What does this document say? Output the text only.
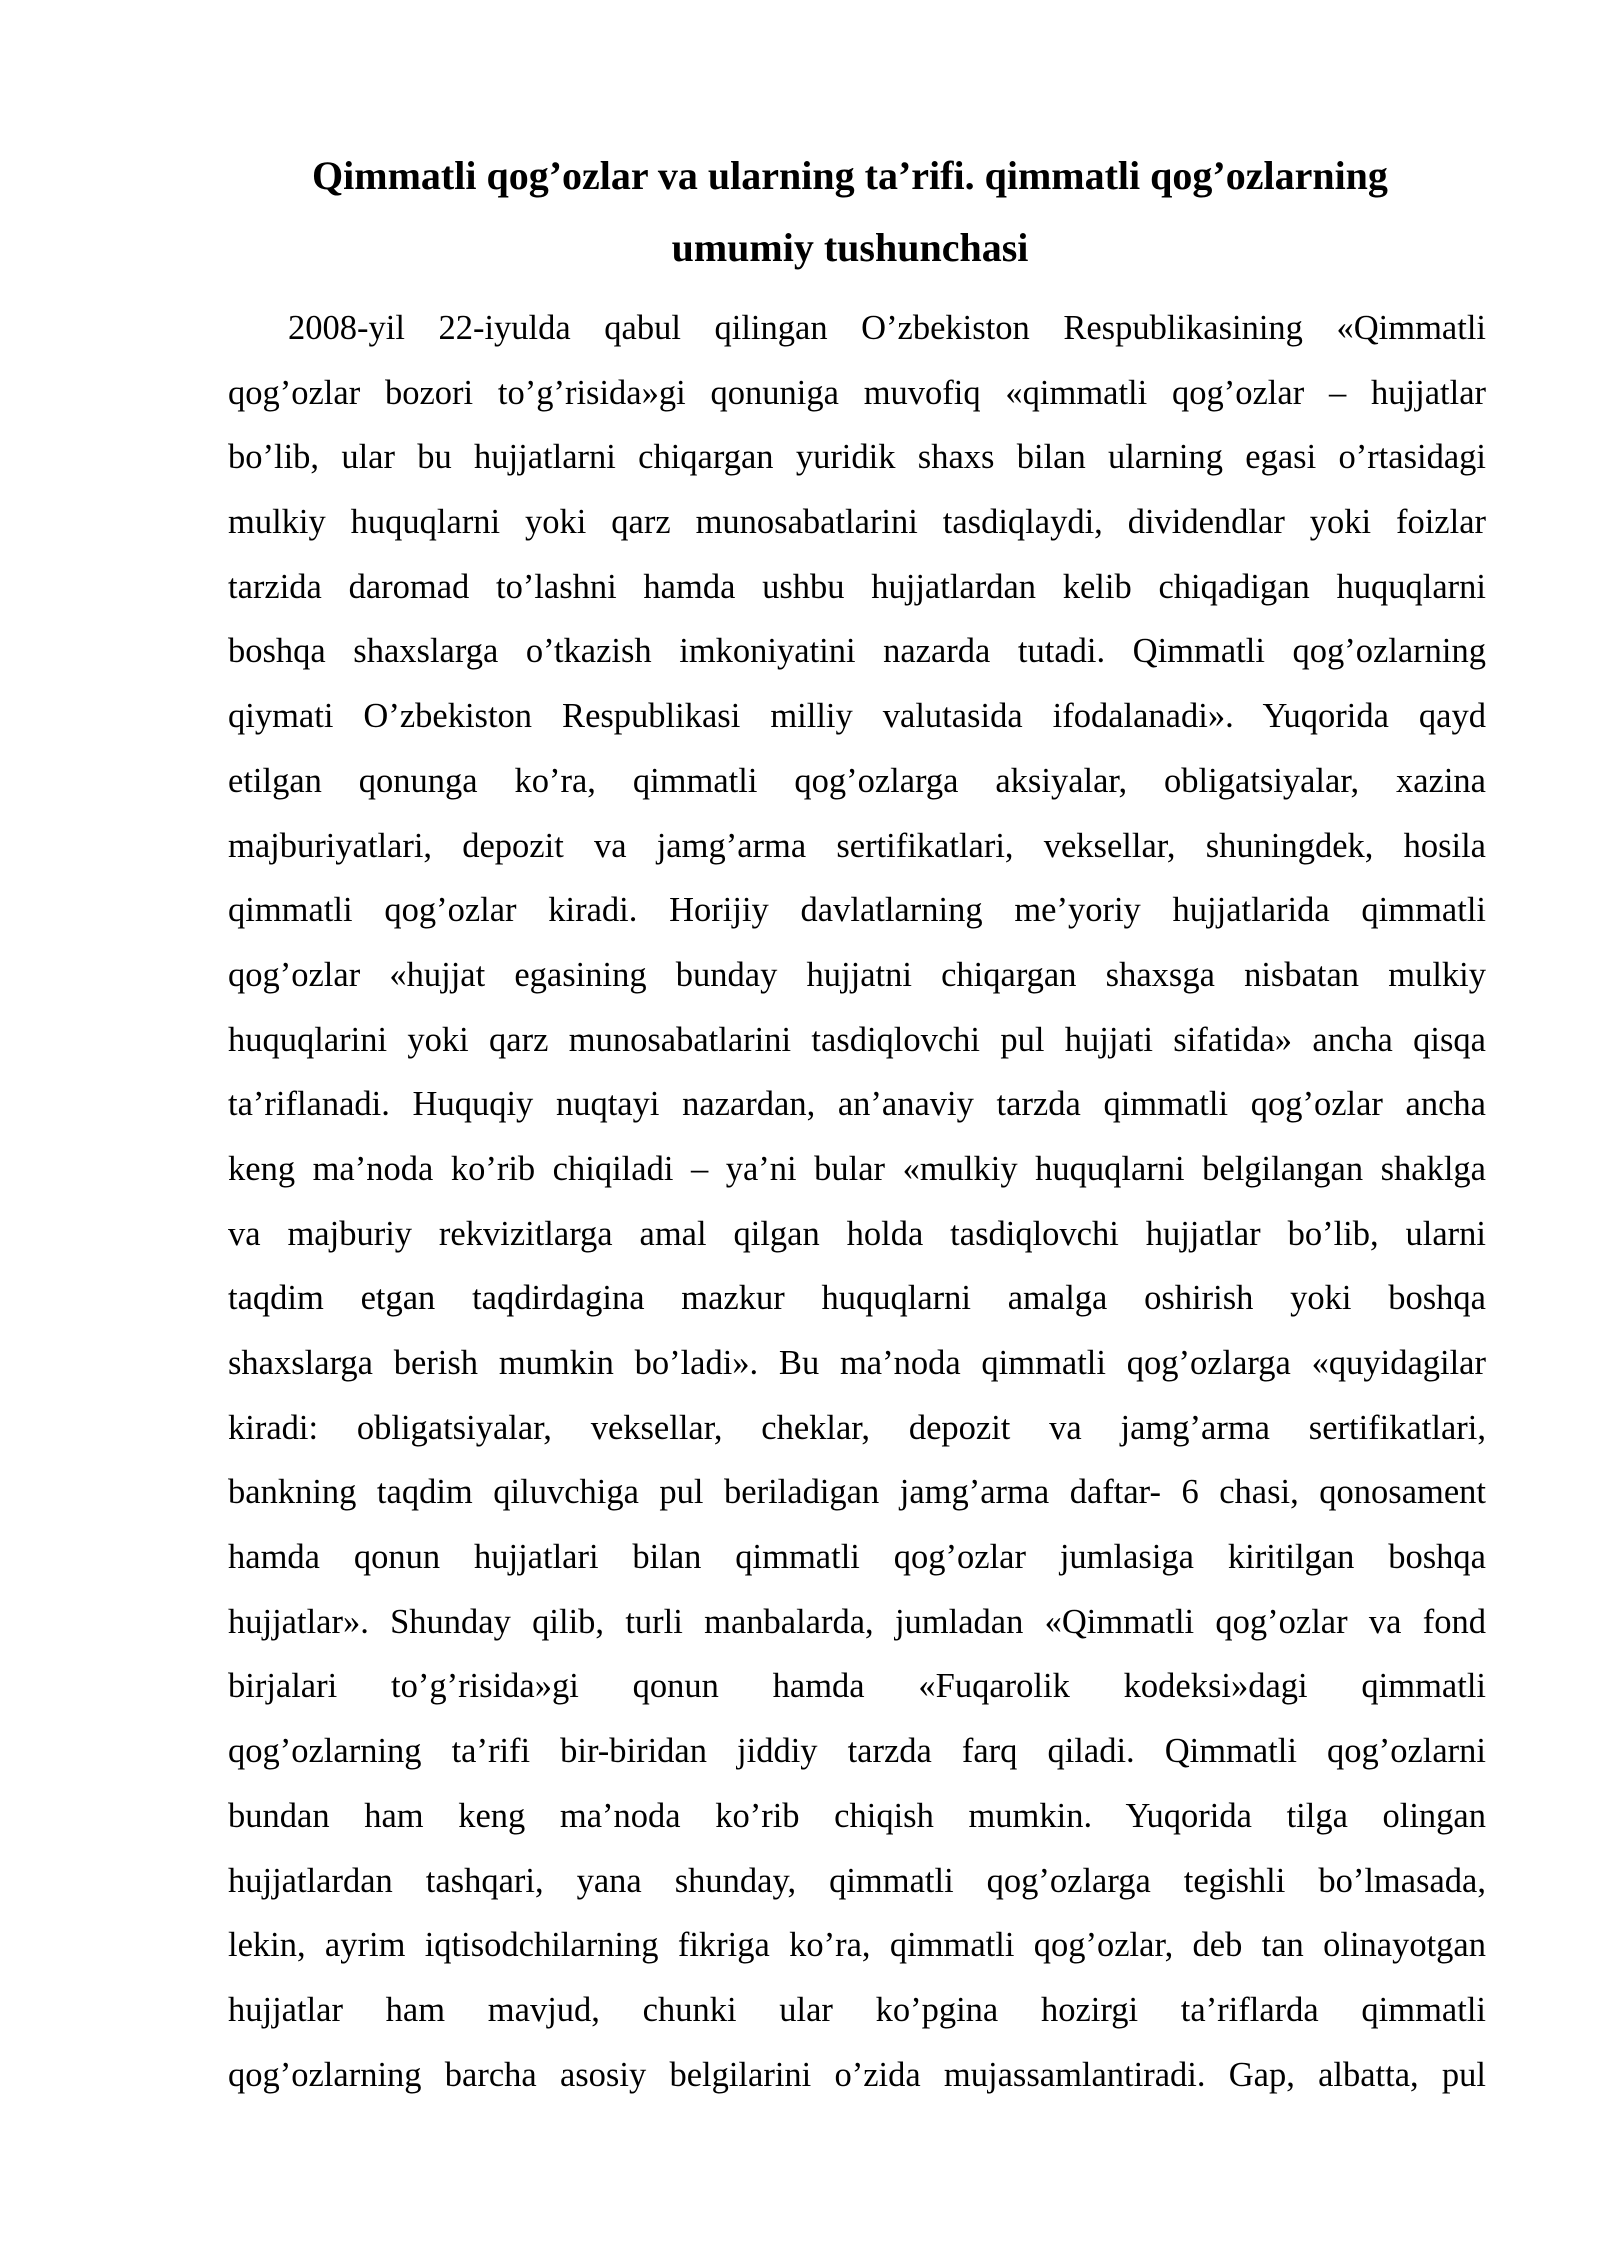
Qimmatli qog’ozlar va ularning ta’rifi. qimmatli qog’ozlarning
umumiy tushunchasi
2008-yil 22-iyulda qabul qilingan O’zbekiston Respublikasining «Qimmatli
qog’ozlar bozori to’g’risida»gi qonuniga muvofiq «qimmatli qog’ozlar – hujjatlar
bo’lib, ular bu hujjatlarni chiqargan yuridik shaxs bilan ularning egasi o’rtasidagi
mulkiy huquqlarni yoki qarz munosabatlarini tasdiqlaydi, dividendlar yoki foizlar
tarzida daromad to’lashni hamda ushbu hujjatlardan kelib chiqadigan huquqlarni
boshqa shaxslarga o’tkazish imkoniyatini nazarda tutadi. Qimmatli qog’ozlarning
qiymati O’zbekiston Respublikasi milliy valutasida ifodalanadi». Yuqorida qayd
etilgan qonunga ko’ra, qimmatli qog’ozlarga aksiyalar, obligatsiyalar, xazina
majburiyatlari, depozit va jamg’arma sertifikatlari, veksellar, shuningdek, hosila
qimmatli qog’ozlar kiradi. Horijiy davlatlarning me’yoriy hujjatlarida qimmatli
qog’ozlar «hujjat egasining bunday hujjatni chiqargan shaxsga nisbatan mulkiy
huquqlarini yoki qarz munosabatlarini tasdiqlovchi pul hujjati sifatida» ancha qisqa
ta’riflanadi. Huquqiy nuqtayi nazardan, an’anaviy tarzda qimmatli qog’ozlar ancha
keng ma’noda ko’rib chiqiladi – ya’ni bular «mulkiy huquqlarni belgilangan shaklga
va majburiy rekvizitlarga amal qilgan holda tasdiqlovchi hujjatlar bo’lib, ularni
taqdim etgan taqdirdagina mazkur huquqlarni amalga oshirish yoki boshqa
shaxslarga berish mumkin bo’ladi». Bu ma’noda qimmatli qog’ozlarga «quyidagilar
kiradi: obligatsiyalar, veksellar, cheklar, depozit va jamg’arma sertifikatlari,
bankning taqdim qiluvchiga pul beriladigan jamg’arma daftar- 6 chasi, qonosament
hamda qonun hujjatlari bilan qimmatli qog’ozlar jumlasiga kiritilgan boshqa
hujjatlar». Shunday qilib, turli manbalarda, jumladan «Qimmatli qog’ozlar va fond
birjalari to’g’risida»gi qonun hamda «Fuqarolik kodeksi»dagi qimmatli
qog’ozlarning ta’rifi bir-biridan jiddiy tarzda farq qiladi. Qimmatli qog’ozlarni
bundan ham keng ma’noda ko’rib chiqish mumkin. Yuqorida tilga olingan
hujjatlardan tashqari, yana shunday, qimmatli qog’ozlarga tegishli bo’lmasada,
lekin, ayrim iqtisodchilarning fikriga ko’ra, qimmatli qog’ozlar, deb tan olinayotgan
hujjatlar ham mavjud, chunki ular ko’pgina hozirgi ta’riflarda qimmatli
qog’ozlarning barcha asosiy belgilarini o’zida mujassamlantiradi. Gap, albatta, pul
